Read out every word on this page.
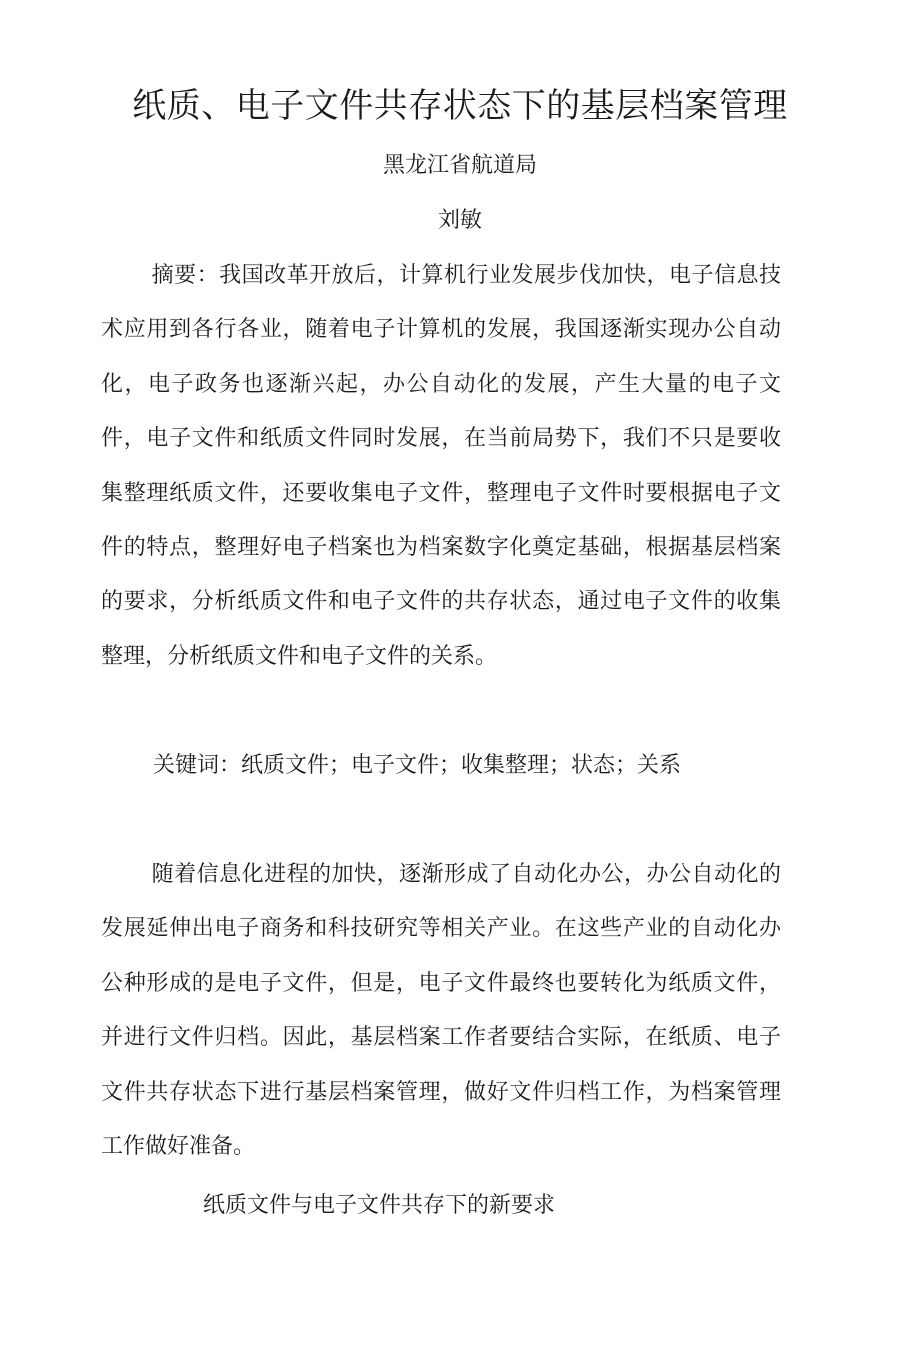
纸质、电子文件共存状态下的基层档案管理
黑龙江省航道局
刘敏

摘要：我国改革开放后，计算机行业发展步伐加快，电子信息技术应用到各行各业，随着电子计算机的发展，我国逐渐实现办公自动化，电子政务也逐渐兴起，办公自动化的发展，产生大量的电子文件，电子文件和纸质文件同时发展，在当前局势下，我们不只是要收集整理纸质文件，还要收集电子文件，整理电子文件时要根据电子文件的特点，整理好电子档案也为档案数字化奠定基础，根据基层档案的要求，分析纸质文件和电子文件的共存状态，通过电子文件的收集整理，分析纸质文件和电子文件的关系。

关键词：纸质文件；电子文件；收集整理；状态；关系

随着信息化进程的加快，逐渐形成了自动化办公，办公自动化的发展延伸出电子商务和科技研究等相关产业。在这些产业的自动化办公种形成的是电子文件，但是，电子文件最终也要转化为纸质文件，并进行文件归档。因此，基层档案工作者要结合实际，在纸质、电子文件共存状态下进行基层档案管理，做好文件归档工作，为档案管理工作做好准备。

纸质文件与电子文件共存下的新要求
